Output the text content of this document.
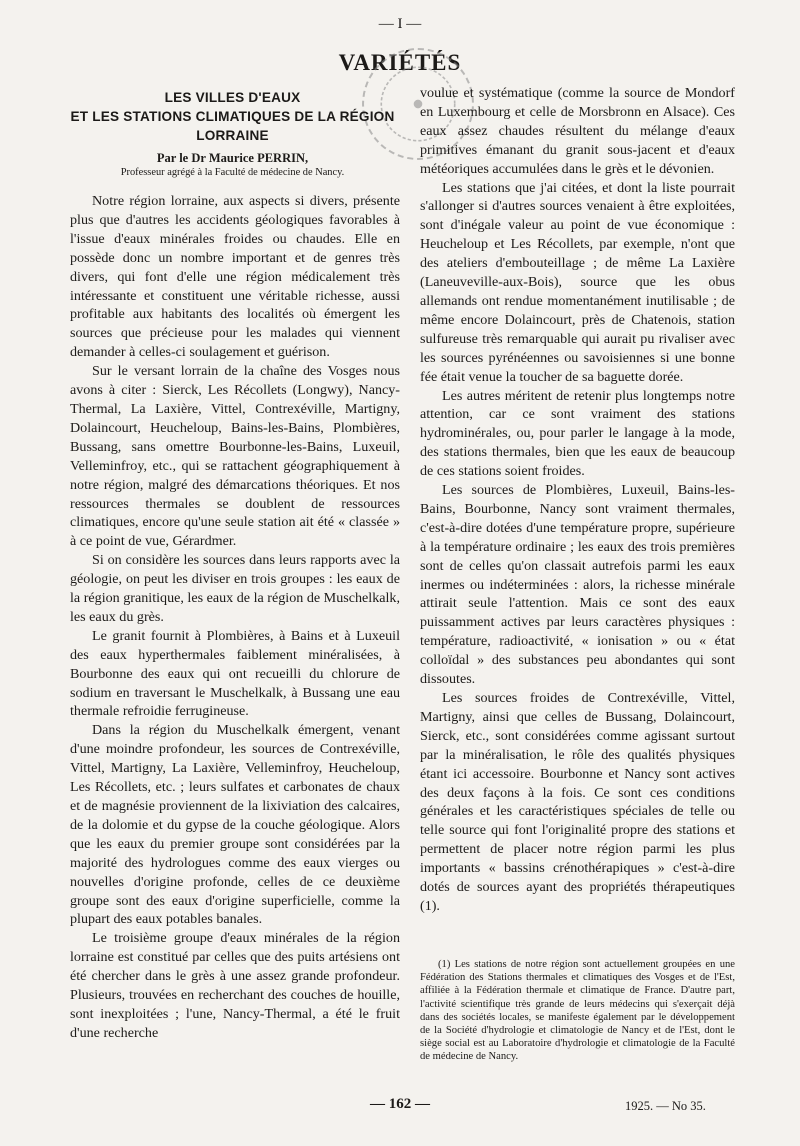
— I —
VARIÉTÉS
LES VILLES D'EAUX
ET LES STATIONS CLIMATIQUES DE LA RÉGION
LORRAINE
Par le Dr Maurice PERRIN,
Professeur agrégé à la Faculté de médecine de Nancy.

Notre région lorraine, aux aspects si divers, présente plus que d'autres les accidents géologiques favorables à l'issue d'eaux minérales froides ou chaudes. Elle en possède donc un nombre important et de genres très divers, qui font d'elle une région médicalement très intéressante et constituent une véritable richesse, aussi profitable aux habitants des localités où émergent les sources que précieuse pour les malades qui viennent demander à celles-ci soulagement et guérison.

Sur le versant lorrain de la chaîne des Vosges nous avons à citer : Sierck, Les Récollets (Longwy), Nancy-Thermal, La Laxière, Vittel, Contrexéville, Martigny, Dolaincourt, Heucheloup, Bains-les-Bains, Plombières, Bussang, sans omettre Bourbonne-les-Bains, Luxeuil, Velleminfroy, etc., qui se rattachent géographiquement à notre région, malgré des démarcations théoriques. Et nos ressources thermales se doublent de ressources climatiques, encore qu'une seule station ait été « classée » à ce point de vue, Gérardmer.

Si on considère les sources dans leurs rapports avec la géologie, on peut les diviser en trois groupes : les eaux de la région granitique, les eaux de la région de Muschelkalk, les eaux du grès.

Le granit fournit à Plombières, à Bains et à Luxeuil des eaux hyperthermales faiblement minéralisées, à Bourbonne des eaux qui ont recueilli du chlorure de sodium en traversant le Muschelkalk, à Bussang une eau thermale refroidie ferrugineuse.

Dans la région du Muschelkalk émergent, venant d'une moindre profondeur, les sources de Contrexéville, Vittel, Martigny, La Laxière, Velleminfroy, Heucheloup, Les Récollets, etc. ; leurs sulfates et carbonates de chaux et de magnésie proviennent de la lixiviation des calcaires, de la dolomie et du gypse de la couche géologique. Alors que les eaux du premier groupe sont considérées par la majorité des hydrologues comme des eaux vierges ou nouvelles d'origine profonde, celles de ce deuxième groupe sont des eaux d'origine superficielle, comme la plupart des eaux potables banales.

Le troisième groupe d'eaux minérales de la région lorraine est constitué par celles que des puits artésiens ont été chercher dans le grès à une assez grande profondeur. Plusieurs, trouvées en recherchant des couches de houille, sont inexploitées ; l'une, Nancy-Thermal, a été le fruit d'une recherche

voulue et systématique (comme la source de Mondorf en Luxembourg et celle de Morsbronn en Alsace). Ces eaux assez chaudes résultent du mélange d'eaux primitives émanant du granit sous-jacent et d'eaux météoriques accumulées dans le grès et le dévonien.

Les stations que j'ai citées, et dont la liste pourrait s'allonger si d'autres sources venaient à être exploitées, sont d'inégale valeur au point de vue économique : Heucheloup et Les Récollets, par exemple, n'ont que des ateliers d'embouteillage ; de même La Laxière (Laneuveville-aux-Bois), source que les obus allemands ont rendue momentanément inutilisable ; de même encore Dolaincourt, près de Chatenois, station sulfureuse très remarquable qui aurait pu rivaliser avec les sources pyrénéennes ou savoisiennes si une bonne fée était venue la toucher de sa baguette dorée.

Les autres méritent de retenir plus longtemps notre attention, car ce sont vraiment des stations hydrominérales, ou, pour parler le langage à la mode, des stations thermales, bien que les eaux de beaucoup de ces stations soient froides.

Les sources de Plombières, Luxeuil, Bains-les-Bains, Bourbonne, Nancy sont vraiment thermales, c'est-à-dire dotées d'une température propre, supérieure à la température ordinaire ; les eaux des trois premières sont de celles qu'on classait autrefois parmi les eaux inermes ou indéterminées : alors, la richesse minérale attirait seule l'attention. Mais ce sont des eaux puissamment actives par leurs caractères physiques : température, radioactivité, « ionisation » ou « état colloïdal » des substances peu abondantes qui sont dissoutes.

Les sources froides de Contrexéville, Vittel, Martigny, ainsi que celles de Bussang, Dolaincourt, Sierck, etc., sont considérées comme agissant surtout par la minéralisation, le rôle des qualités physiques étant ici accessoire. Bourbonne et Nancy sont actives des deux façons à la fois. Ce sont ces conditions générales et les caractéristiques spéciales de telle ou telle source qui font l'originalité propre des stations et permettent de placer notre région parmi les plus importants « bassins crénothérapiques » c'est-à-dire dotés de sources ayant des propriétés thérapeutiques (1).

(1) Les stations de notre région sont actuellement groupées en une Fédération des Stations thermales et climatiques des Vosges et de l'Est, affiliée à la Fédération thermale et climatique de France. D'autre part, l'activité scientifique très grande de leurs médecins qui s'exerçait déjà dans des sociétés locales, se manifeste également par le développement de la Société d'hydrologie et climatologie de Nancy et de l'Est, dont le siège social est au Laboratoire d'hydrologie et climatologie de la Faculté de médecine de Nancy.

— 162 —	1925. — No 35.
